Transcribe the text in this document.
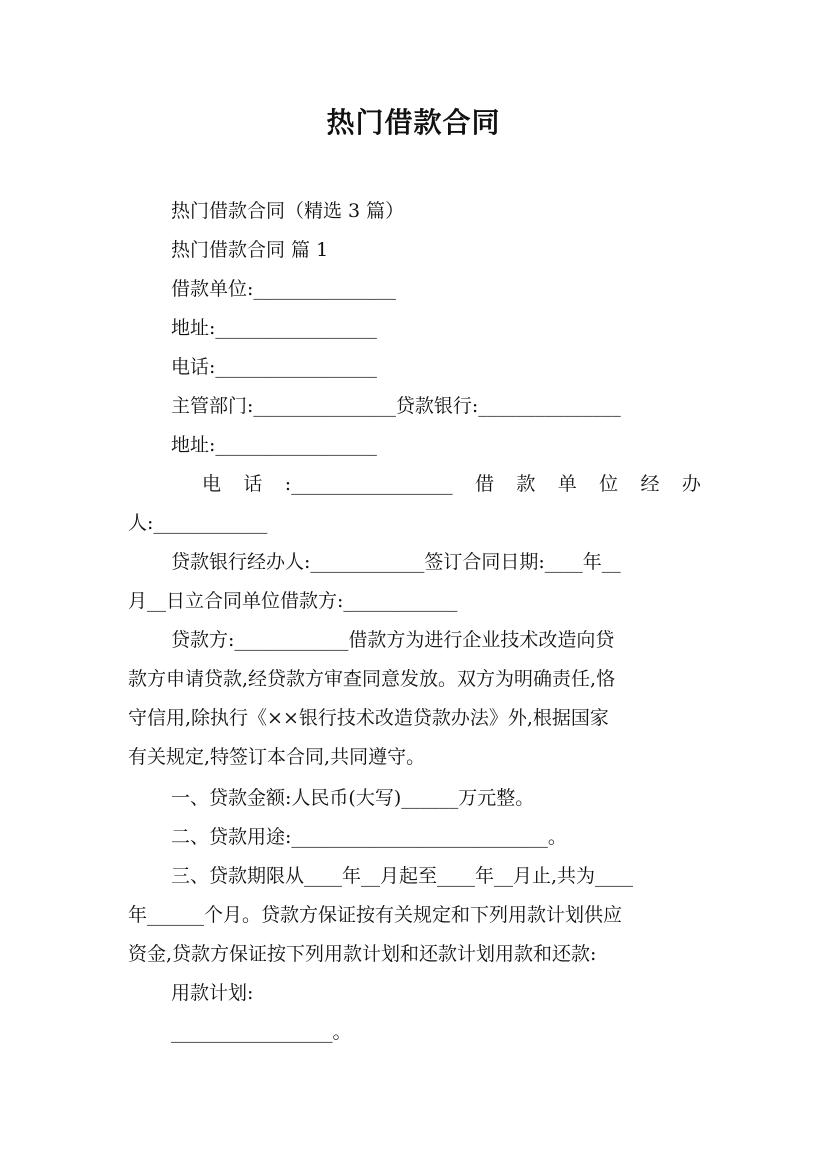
热门借款合同
热门借款合同（精选 3 篇）
热门借款合同 篇 1
借款单位:_______________
地址:_________________
电话:_________________
主管部门:_______________贷款银行:_______________
地址:_________________
电 话 :_________________ 借 款 单 位 经 办
人:____________
贷款银行经办人:____________签订合同日期:____年__
月__日立合同单位借款方:____________
贷款方:____________借款方为进行企业技术改造向贷
款方申请贷款,经贷款方审查同意发放。双方为明确责任,恪
守信用,除执行《××银行技术改造贷款办法》外,根据国家
有关规定,特签订本合同,共同遵守。
一、贷款金额:人民币(大写)______万元整。
二、贷款用途:___________________________。
三、贷款期限从____年__月起至____年__月止,共为____
年______个月。贷款方保证按有关规定和下列用款计划供应
资金,贷款方保证按下列用款计划和还款计划用款和还款:
用款计划:
_________________。
